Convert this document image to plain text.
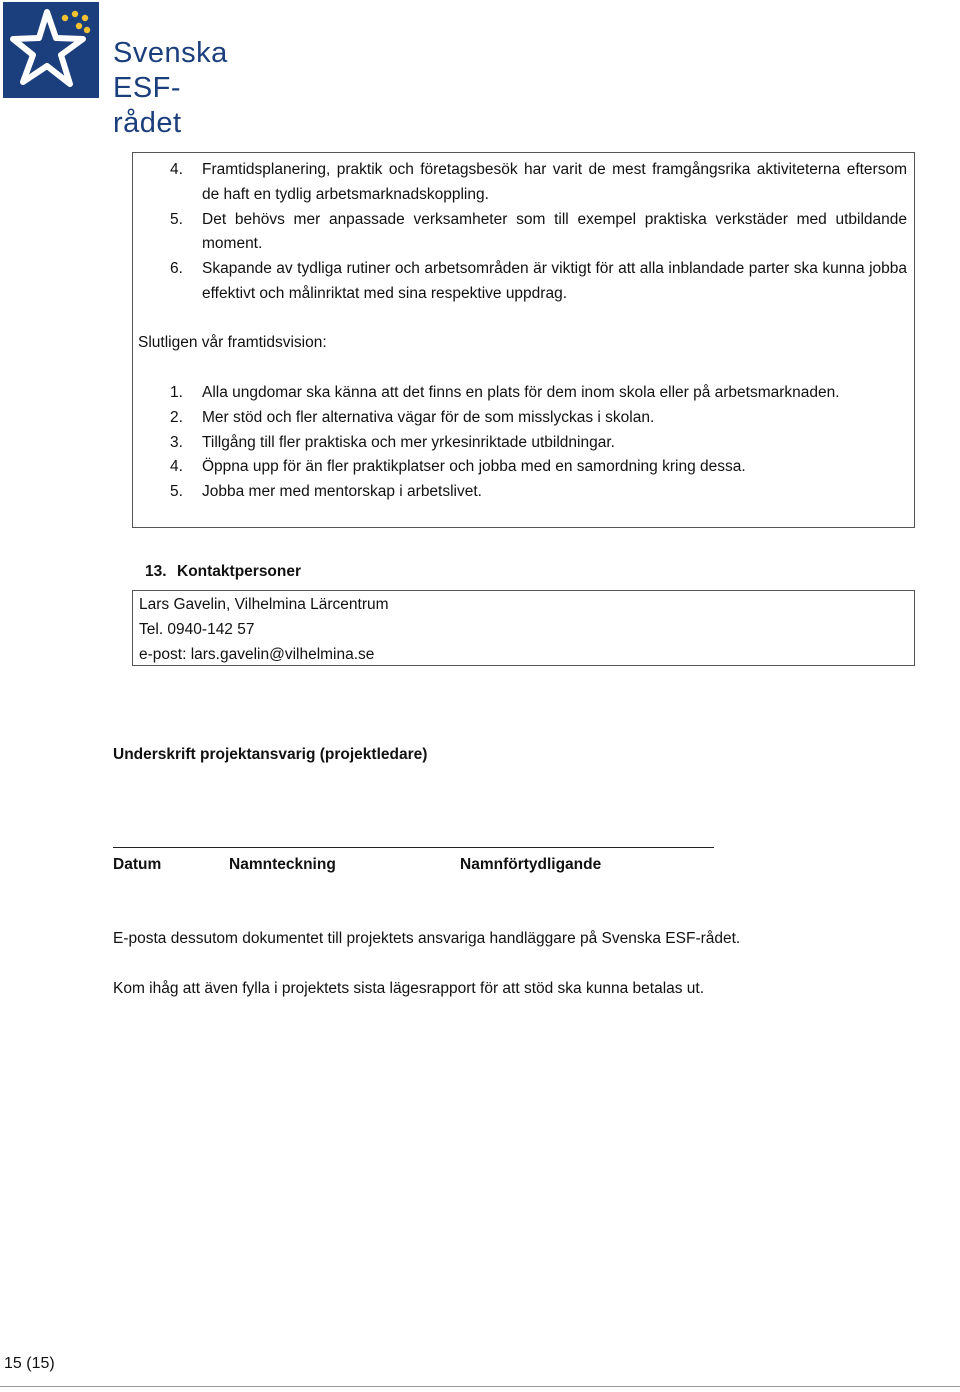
Svenska
ESF-rådet
4. Framtidsplanering, praktik och företagsbesök har varit de mest framgångsrika aktiviteterna eftersom de haft en tydlig arbetsmarknadskoppling.
5. Det behövs mer anpassade verksamheter som till exempel praktiska verkstäder med utbildande moment.
6. Skapande av tydliga rutiner och arbetsområden är viktigt för att alla inblandade parter ska kunna jobba effektivt och målinriktat med sina respektive uppdrag.
Slutligen vår framtidsvision:
1. Alla ungdomar ska känna att det finns en plats för dem inom skola eller på arbetsmarknaden.
2. Mer stöd och fler alternativa vägar för de som misslyckas i skolan.
3. Tillgång till fler praktiska och mer yrkesinriktade utbildningar.
4. Öppna upp för än fler praktikplatser och jobba med en samordning kring dessa.
5. Jobba mer med mentorskap i arbetslivet.
13. Kontaktpersoner
Lars Gavelin, Vilhelmina Lärcentrum
Tel. 0940-142 57
e-post: lars.gavelin@vilhelmina.se
Underskrift projektansvarig (projektledare)
Datum	Namnteckning	Namnförtydligande
E-posta dessutom dokumentet till projektets ansvariga handläggare på Svenska ESF-rådet.
Kom ihåg att även fylla i projektets sista lägesrapport för att stöd ska kunna betalas ut.
15 (15)
